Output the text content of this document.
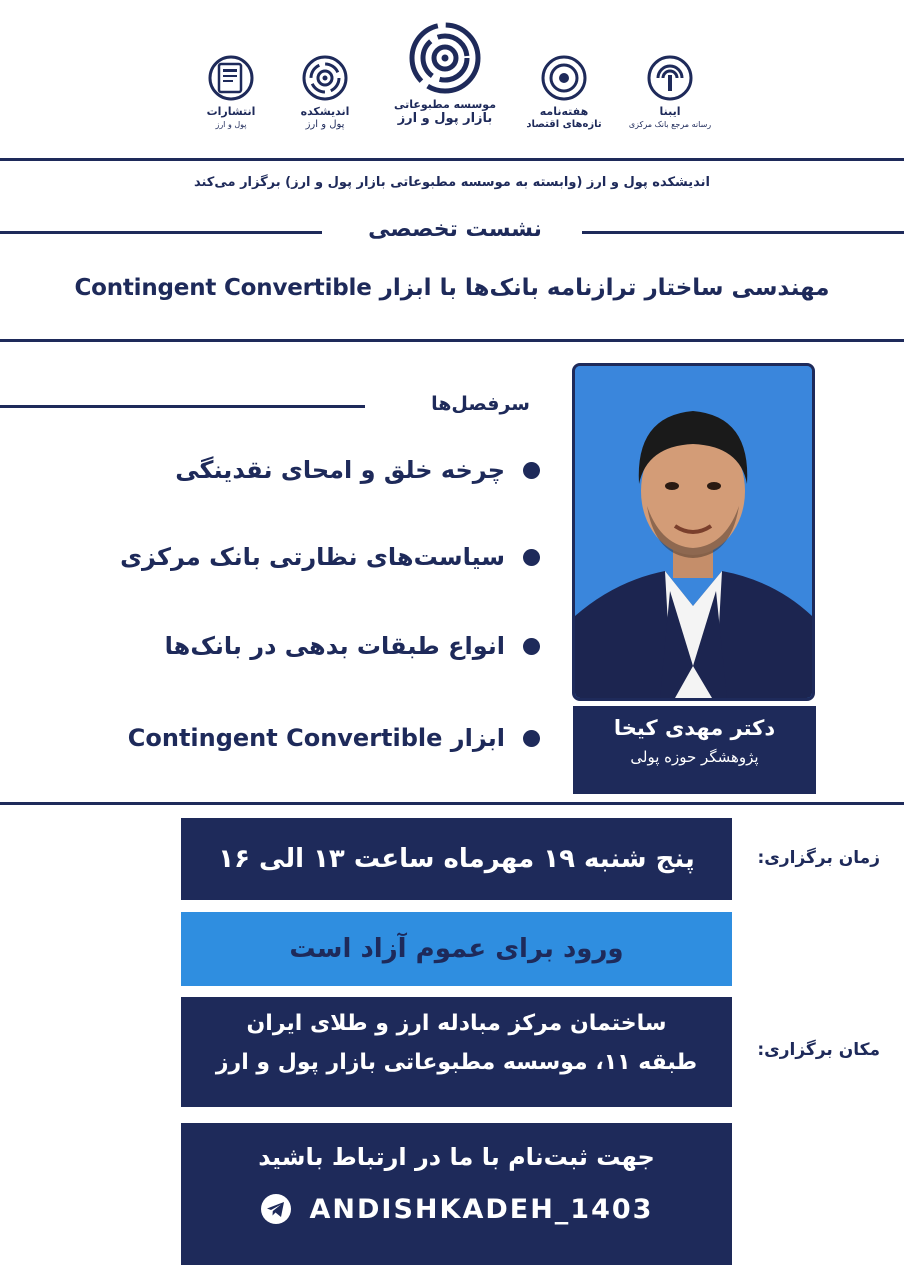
انتشارات
پول و ارز
اندیشکده
پول و ارز
موسسه مطبوعاتی
بازار پول و ارز	هفته‌نامه
تازه‌های اقتصاد
ایبنا
رسانه مرجع بانک مرکزی
اندیشکده پول و ارز (وابسته به موسسه مطبوعاتی بازار پول و ارز) برگزار می‌کند
نشست تخصصی
مهندسی ساختار ترازنامه بانک‌ها با ابزار Contingent Convertible
سرفصل‌ها
چرخه خلق و امحای نقدینگی
سیاست‌های نظارتی بانک مرکزی
انواع طبقات بدهی در بانک‌ها
ابزار Contingent Convertible	دکتر مهدی کیخا
پژوهشگر حوزه پولی
پنج شنبه ۱۹ مهرماه ساعت ۱۳ الی ۱۶	زمان برگزاری:
ورود برای عموم آزاد است
ساختمان مرکز مبادله ارز و طلای ایران
طبقه ۱۱، موسسه مطبوعاتی بازار پول و ارز	مکان برگزاری:
جهت ثبت‌نام با ما در ارتباط باشید
ANDISHKADEH_1403
